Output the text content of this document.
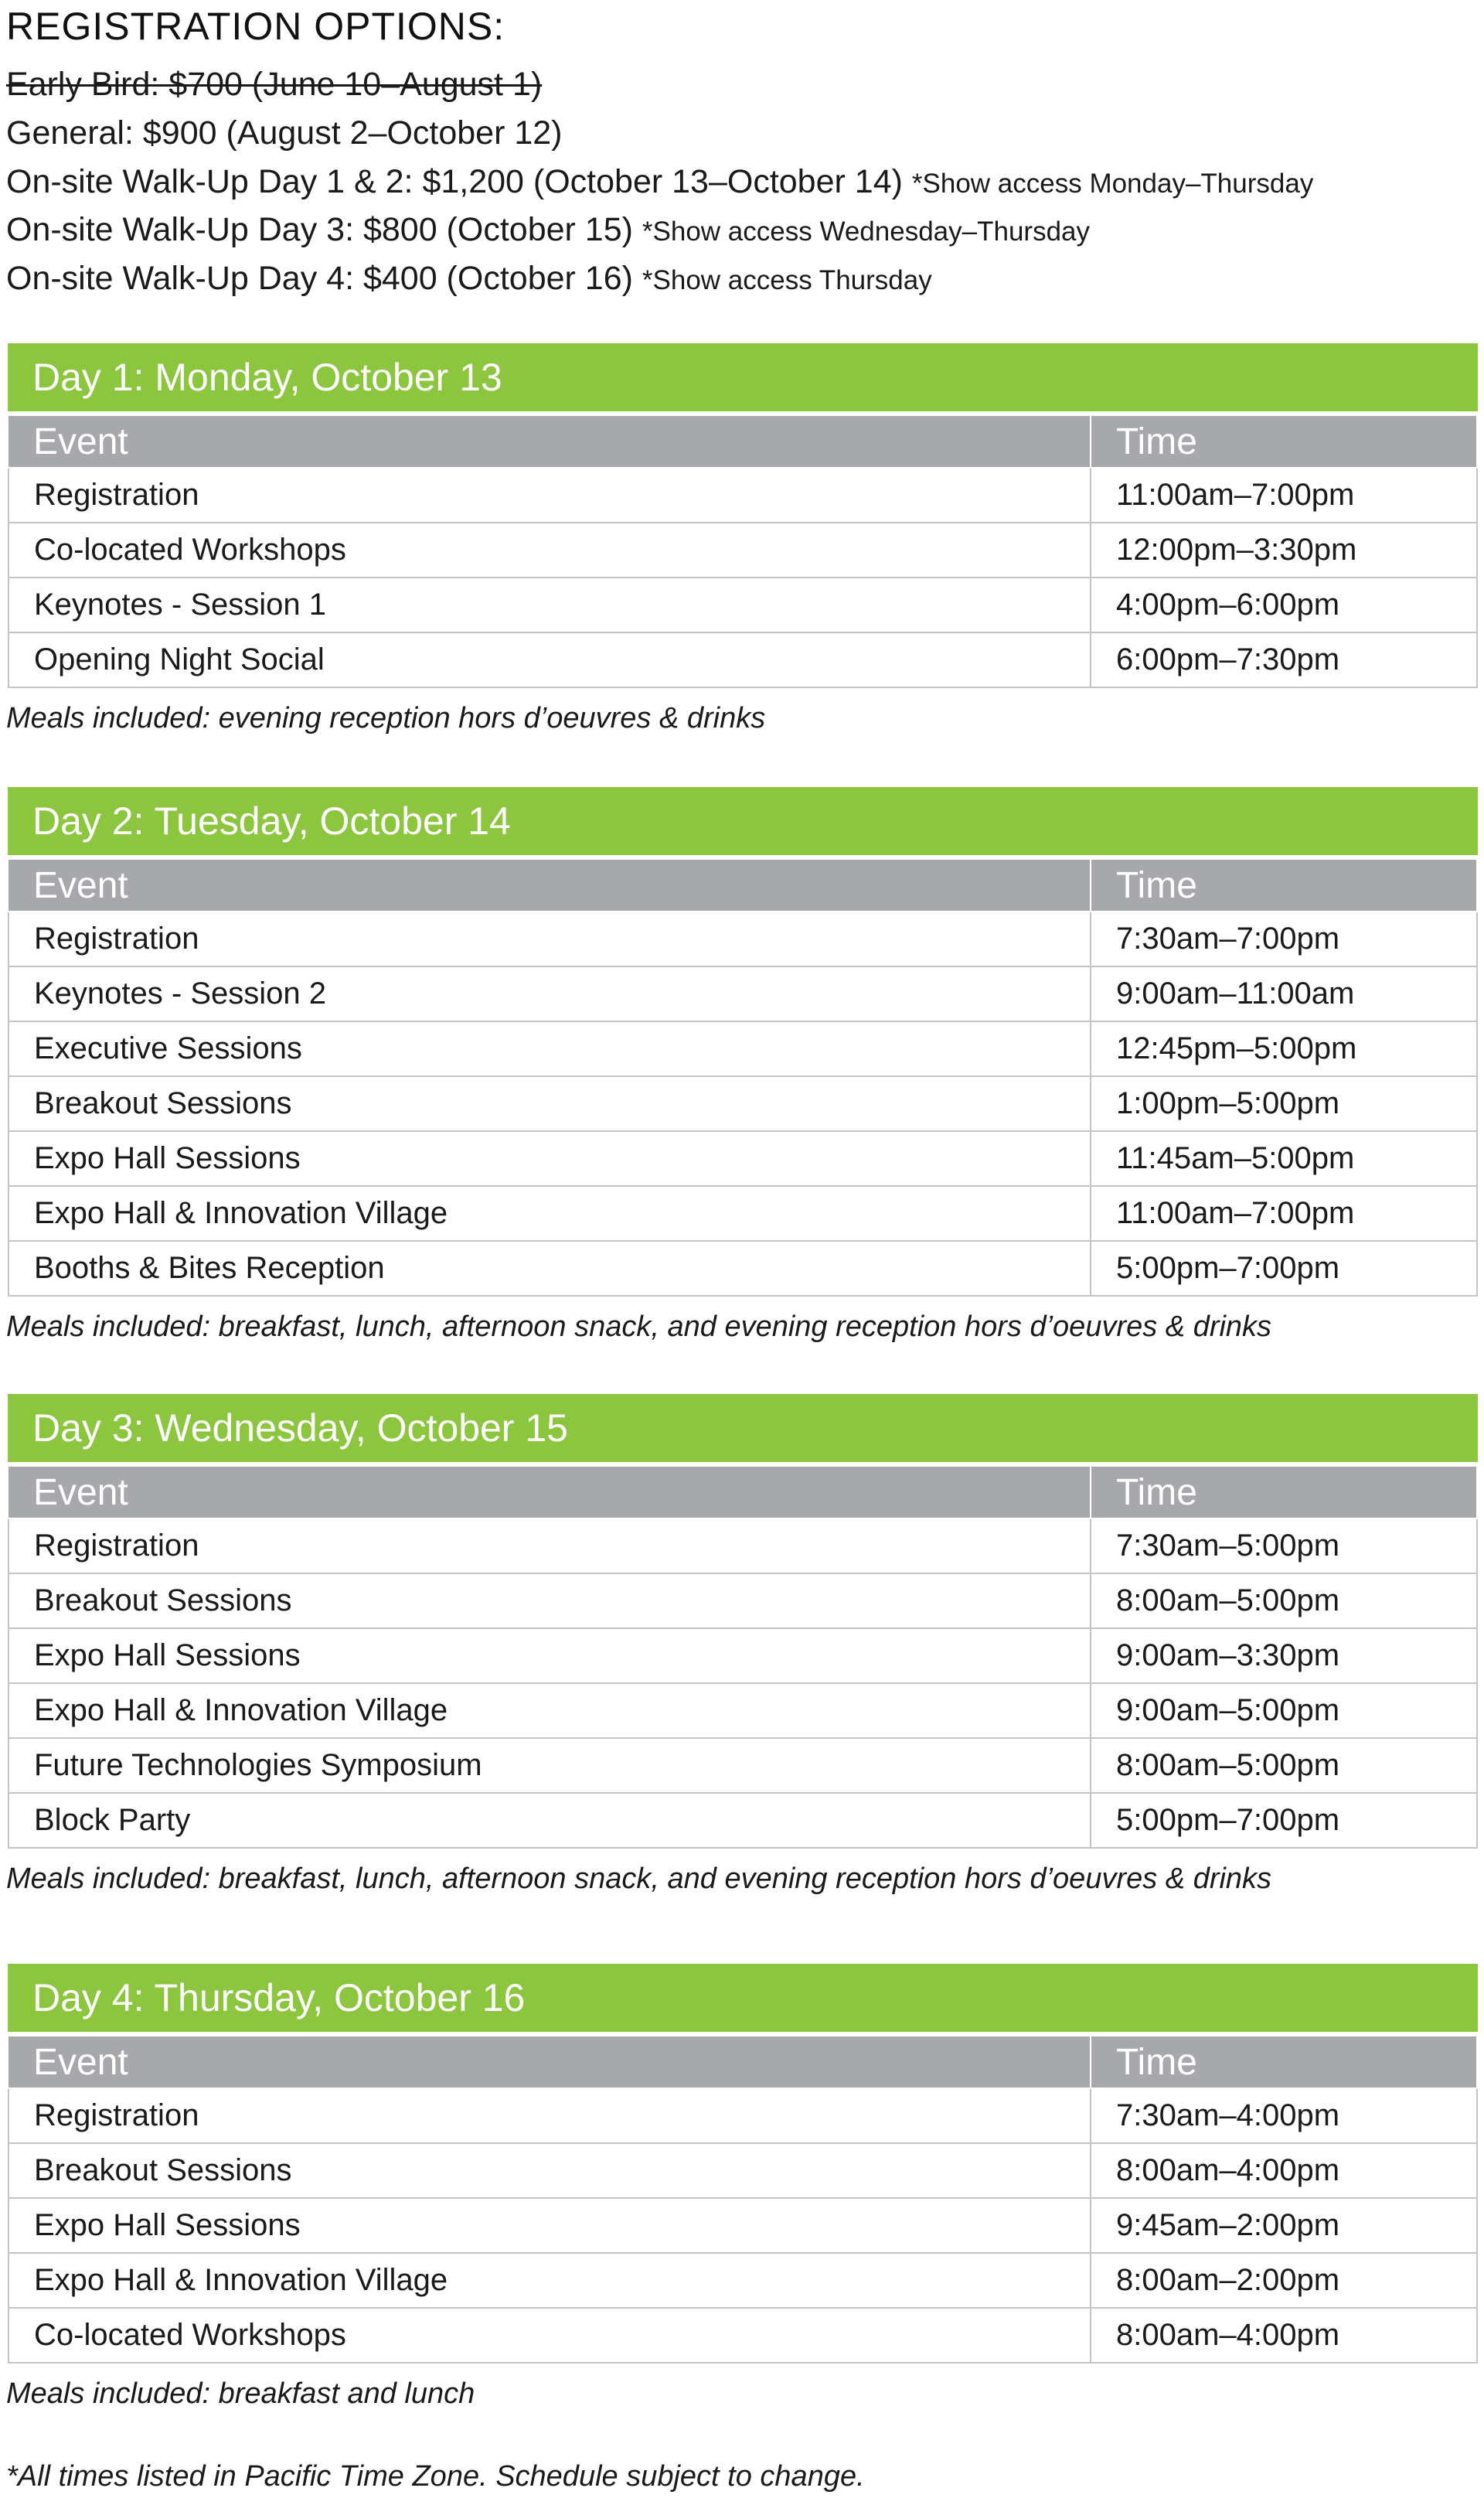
REGISTRATION OPTIONS:
Early Bird: $700 (June 10–August 1)
General: $900 (August 2–October 12)
On-site Walk-Up Day 1 & 2: $1,200 (October 13–October 14) *Show access Monday–Thursday
On-site Walk-Up Day 3: $800 (October 15) *Show access Wednesday–Thursday
On-site Walk-Up Day 4: $400 (October 16) *Show access Thursday
Day 1: Monday, October 13
Event	Time
Registration	11:00am–7:00pm
Co-located Workshops	12:00pm–3:30pm
Keynotes - Session 1	4:00pm–6:00pm
Opening Night Social	6:00pm–7:30pm
Meals included: evening reception hors d’oeuvres & drinks
Day 2: Tuesday, October 14
Event	Time
Registration	7:30am–7:00pm
Keynotes - Session 2	9:00am–11:00am
Executive Sessions	12:45pm–5:00pm
Breakout Sessions	1:00pm–5:00pm
Expo Hall Sessions	11:45am–5:00pm
Expo Hall & Innovation Village	11:00am–7:00pm
Booths & Bites Reception	5:00pm–7:00pm
Meals included: breakfast, lunch, afternoon snack, and evening reception hors d’oeuvres & drinks
Day 3: Wednesday, October 15
Event	Time
Registration	7:30am–5:00pm
Breakout Sessions	8:00am–5:00pm
Expo Hall Sessions	9:00am–3:30pm
Expo Hall & Innovation Village	9:00am–5:00pm
Future Technologies Symposium	8:00am–5:00pm
Block Party	5:00pm–7:00pm
Meals included: breakfast, lunch, afternoon snack, and evening reception hors d’oeuvres & drinks
Day 4: Thursday, October 16
Event	Time
Registration	7:30am–4:00pm
Breakout Sessions	8:00am–4:00pm
Expo Hall Sessions	9:45am–2:00pm
Expo Hall & Innovation Village	8:00am–2:00pm
Co-located Workshops	8:00am–4:00pm
Meals included: breakfast and lunch
*All times listed in Pacific Time Zone. Schedule subject to change.
